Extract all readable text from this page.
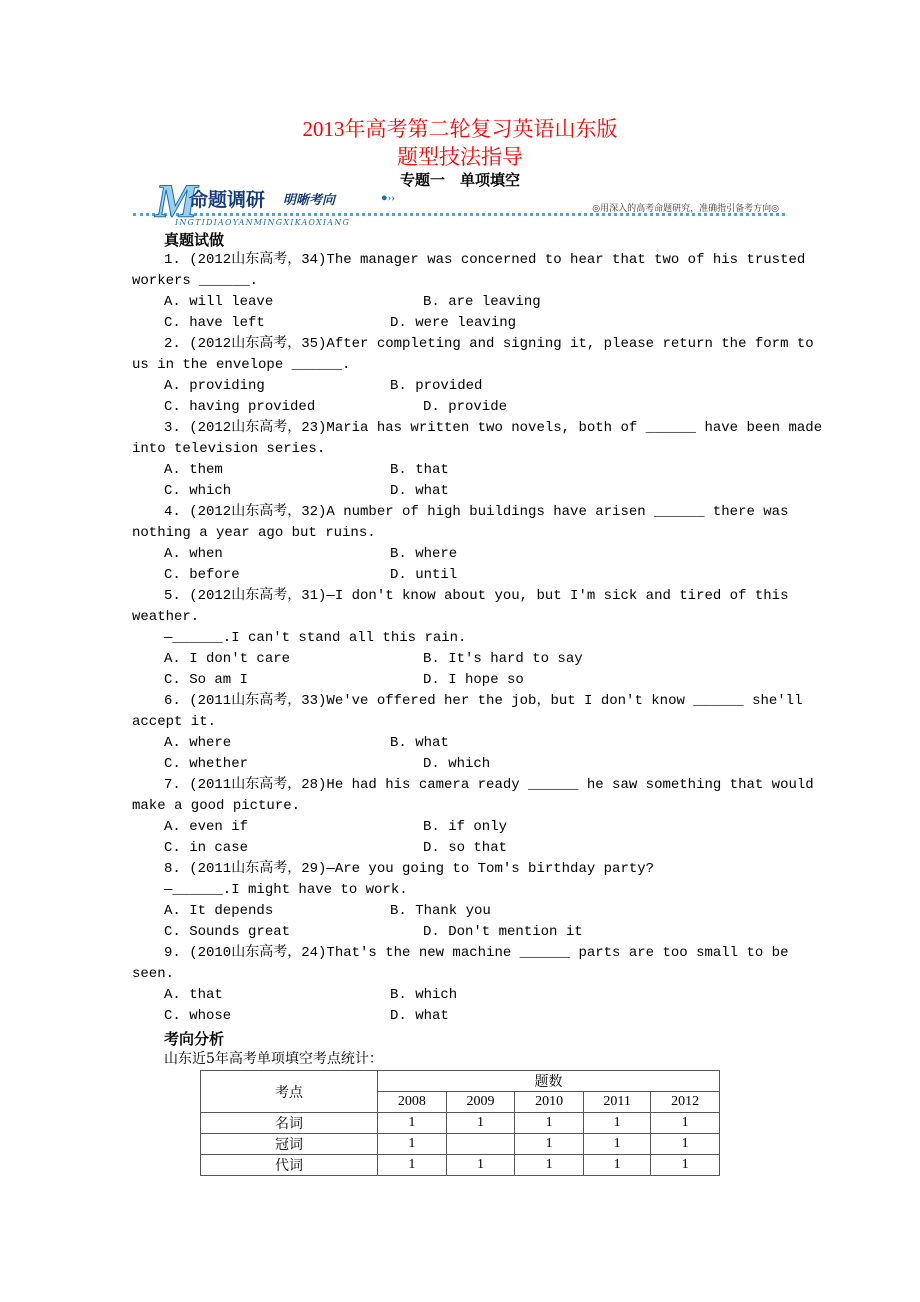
2013年高考第二轮复习英语山东版
题型技法指导
专题一　单项填空
M
命题调研 明晰考向	●››
◎用深入的高考命题研究，准确指引备考方向◎
INGTIDIAOYANMINGXIKAOXIANG
真题试做
1. (2012山东高考，34)The manager was concerned to hear that two of his trusted
workers ______.
A. will leave	B. are leaving
C. have left	D. were leaving
2. (2012山东高考，35)After completing and signing it, please return the form to
us in the envelope ______.
A. providing	B. provided
C. having provided	D. provide
3. (2012山东高考，23)Maria has written two novels, both of ______ have been made
into television series.
A. them	B. that
C. which	D. what
4. (2012山东高考，32)A number of high buildings have arisen ______ there was
nothing a year ago but ruins.
A. when	B. where
C. before	D. until
5. (2012山东高考，31)—I don't know about you, but I'm sick and tired of this
weather.
—______.I can't stand all this rain.
A. I don't care	B. It's hard to say
C. So am I	D. I hope so
6. (2011山东高考，33)We've offered her the job，but I don't know ______ she'll
accept it.
A. where	B. what
C. whether	D. which
7. (2011山东高考，28)He had his camera ready ______ he saw something that would
make a good picture.
A. even if	B. if only
C. in case	D. so that
8. (2011山东高考，29)—Are you going to Tom's birthday party?
—______.I might have to work.
A. It depends	B. Thank you
C. Sounds great	D. Don't mention it
9. (2010山东高考，24)That's the new machine ______ parts are too small to be
seen.
A. that	B. which
C. whose	D. what
考向分析
山东近5年高考单项填空考点统计：
考点	题数				
	2008	2009	2010	2011	2012
名词	1	1	1	1	1
冠词	1		1	1	1
代词	1	1	1	1	1
